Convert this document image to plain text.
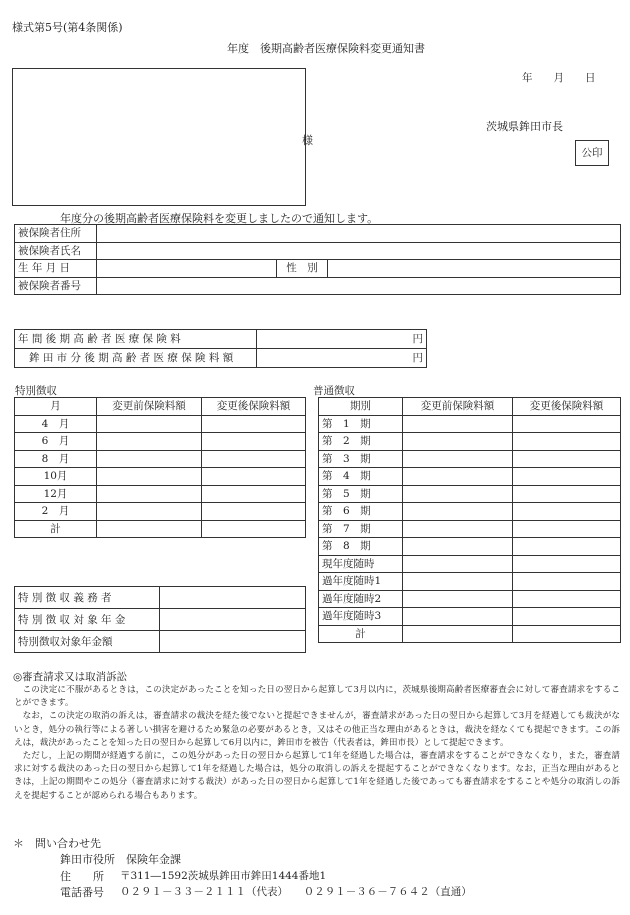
様式第5号(第4条関係)
年度　後期高齢者医療保険料変更通知書
年　　月　　日
茨城県鉾田市長
公印
様
年度分の後期高齢者医療保険料を変更しましたので通知します。
被保険者住所			
被保険者氏名			
生 年 月 日		性　別	
被保険者番号			
年 間 後 期 高 齢 者 医 療 保 険 料	円
鉾 田 市 分 後 期 高 齢 者 医 療 保 険 料 額	円
特別徴収
月	変更前保険料額	変更後保険料額
4　月		
6　月		
8　月		
10月		
12月		
2　月		
計		
普通徴収
期別	変更前保険料額	変更後保険料額
第　1　期		
第　2　期		
第　3　期		
第　4　期		
第　5　期		
第　6　期		
第　7　期		
第　8　期		
現年度随時		
過年度随時1		
過年度随時2		
過年度随時3		
計		
特 別 徴 収 義 務 者	
特 別 徴 収 対 象 年 金	
特別徴収対象年金額	
◎審査請求又は取消訴訟

この決定に不服があるときは，この決定があったことを知った日の翌日から起算して3月以内に，茨城県後期高齢者医療審査会に対して審査請求をすることができます。

なお，この決定の取消の訴えは，審査請求の裁決を経た後でないと提起できませんが，審査請求があった日の翌日から起算して3月を経過しても裁決がないとき，処分の執行等による著しい損害を避けるため緊急の必要があるとき，又はその他正当な理由があるときは，裁決を経なくても提起できます。この訴えは，裁決があったことを知った日の翌日から起算して6月以内に，鉾田市を被告（代表者は，鉾田市長）として提起できます。

ただし，上記の期間が経過する前に，この処分があった日の翌日から起算して1年を経過した場合は，審査請求をすることができなくなり，また，審査請求に対する裁決のあった日の翌日から起算して1年を経過した場合は，処分の取消しの訴えを提起することができなくなります。なお，正当な理由があるときは，上記の期間やこの処分（審査請求に対する裁決）があった日の翌日から起算して1年を経過した後であっても審査請求をすることや処分の取消しの訴えを提起することが認められる場合もあります。

＊　問い合わせ先
鉾田市役所　保険年金課
住　　所 〒311―1592茨城県鉾田市鉾田1444番地1
電話番号 ０２９１－３３－２１１１（代表）　　０２９１－３６－７６４２（直通）
